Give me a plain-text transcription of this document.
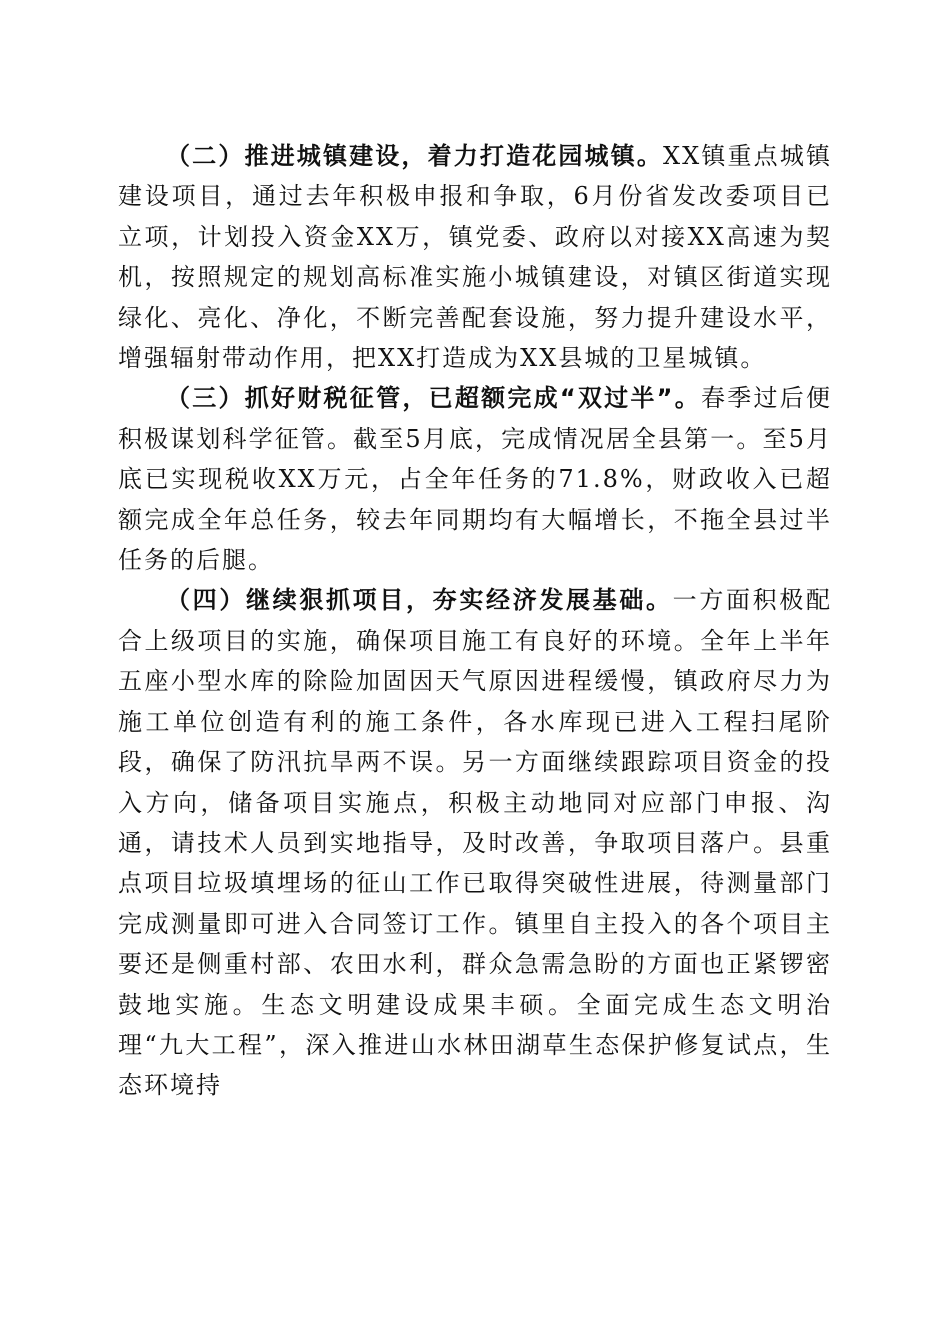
（二）推进城镇建设，着力打造花园城镇。XX镇重点城镇建设项目，通过去年积极申报和争取，6月份省发改委项目已立项，计划投入资金XX万，镇党委、政府以对接XX高速为契机，按照规定的规划高标准实施小城镇建设，对镇区街道实现绿化、亮化、净化，不断完善配套设施，努力提升建设水平，增强辐射带动作用，把XX打造成为XX县城的卫星城镇。

（三）抓好财税征管，已超额完成“双过半”。春季过后便积极谋划科学征管。截至5月底，完成情况居全县第一。至5月底已实现税收XX万元，占全年任务的71.8%，财政收入已超额完成全年总任务，较去年同期均有大幅增长，不拖全县过半任务的后腿。

（四）继续狠抓项目，夯实经济发展基础。一方面积极配合上级项目的实施，确保项目施工有良好的环境。全年上半年五座小型水库的除险加固因天气原因进程缓慢，镇政府尽力为施工单位创造有利的施工条件，各水库现已进入工程扫尾阶段，确保了防汛抗旱两不误。另一方面继续跟踪项目资金的投入方向，储备项目实施点，积极主动地同对应部门申报、沟通，请技术人员到实地指导，及时改善，争取项目落户。县重点项目垃圾填埋场的征山工作已取得突破性进展，待测量部门完成测量即可进入合同签订工作。镇里自主投入的各个项目主要还是侧重村部、农田水利，群众急需急盼的方面也正紧锣密鼓地实施。生态文明建设成果丰硕。全面完成生态文明治理“九大工程”，深入推进山水林田湖草生态保护修复试点，生态环境持
